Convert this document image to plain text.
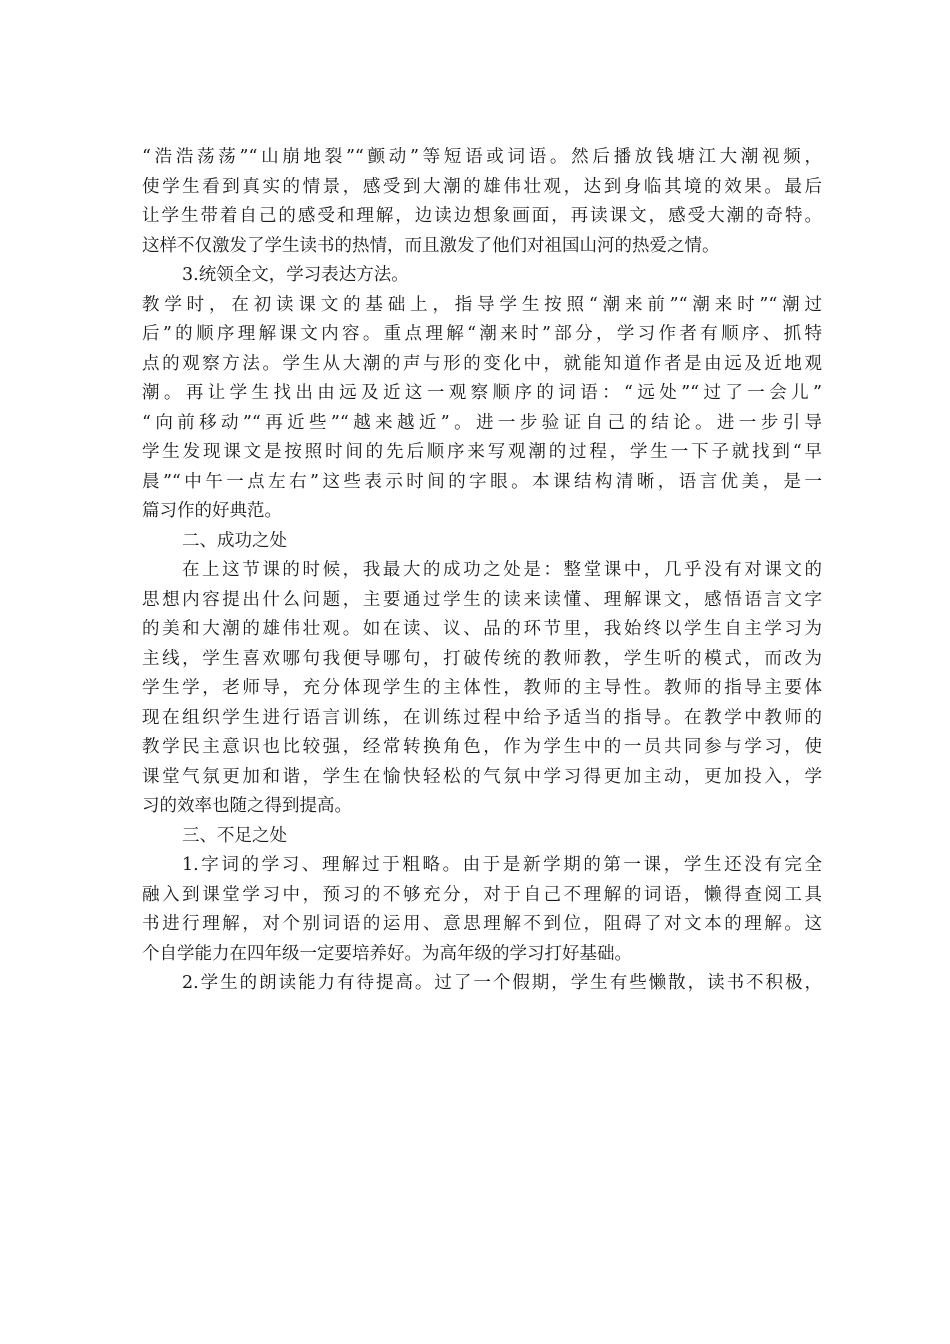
“浩浩荡荡”“山崩地裂”“颤动”等短语或词语。然后播放钱塘江大潮视频，
使学生看到真实的情景，感受到大潮的雄伟壮观，达到身临其境的效果。最后
让学生带着自己的感受和理解，边读边想象画面，再读课文，感受大潮的奇特。
这样不仅激发了学生读书的热情，而且激发了他们对祖国山河的热爱之情。
3.统领全文，学习表达方法。
教学时，在初读课文的基础上，指导学生按照“潮来前”“潮来时”“潮过
后”的顺序理解课文内容。重点理解“潮来时”部分，学习作者有顺序、抓特
点的观察方法。学生从大潮的声与形的变化中，就能知道作者是由远及近地观
潮。再让学生找出由远及近这一观察顺序的词语：“远处”“过了一会儿”
“向前移动”“再近些”“越来越近”。进一步验证自己的结论。进一步引导
学生发现课文是按照时间的先后顺序来写观潮的过程，学生一下子就找到“早
晨”“中午一点左右”这些表示时间的字眼。本课结构清晰，语言优美，是一
篇习作的好典范。
二、成功之处
在上这节课的时候，我最大的成功之处是：整堂课中，几乎没有对课文的
思想内容提出什么问题，主要通过学生的读来读懂、理解课文，感悟语言文字
的美和大潮的雄伟壮观。如在读、议、品的环节里，我始终以学生自主学习为
主线，学生喜欢哪句我便导哪句，打破传统的教师教，学生听的模式，而改为
学生学，老师导，充分体现学生的主体性，教师的主导性。教师的指导主要体
现在组织学生进行语言训练，在训练过程中给予适当的指导。在教学中教师的
教学民主意识也比较强，经常转换角色，作为学生中的一员共同参与学习，使
课堂气氛更加和谐，学生在愉快轻松的气氛中学习得更加主动，更加投入，学
习的效率也随之得到提高。
三、不足之处
1.字词的学习、理解过于粗略。由于是新学期的第一课，学生还没有完全
融入到课堂学习中，预习的不够充分，对于自己不理解的词语，懒得查阅工具
书进行理解，对个别词语的运用、意思理解不到位，阻碍了对文本的理解。这
个自学能力在四年级一定要培养好。为高年级的学习打好基础。
2.学生的朗读能力有待提高。过了一个假期，学生有些懒散，读书不积极，
